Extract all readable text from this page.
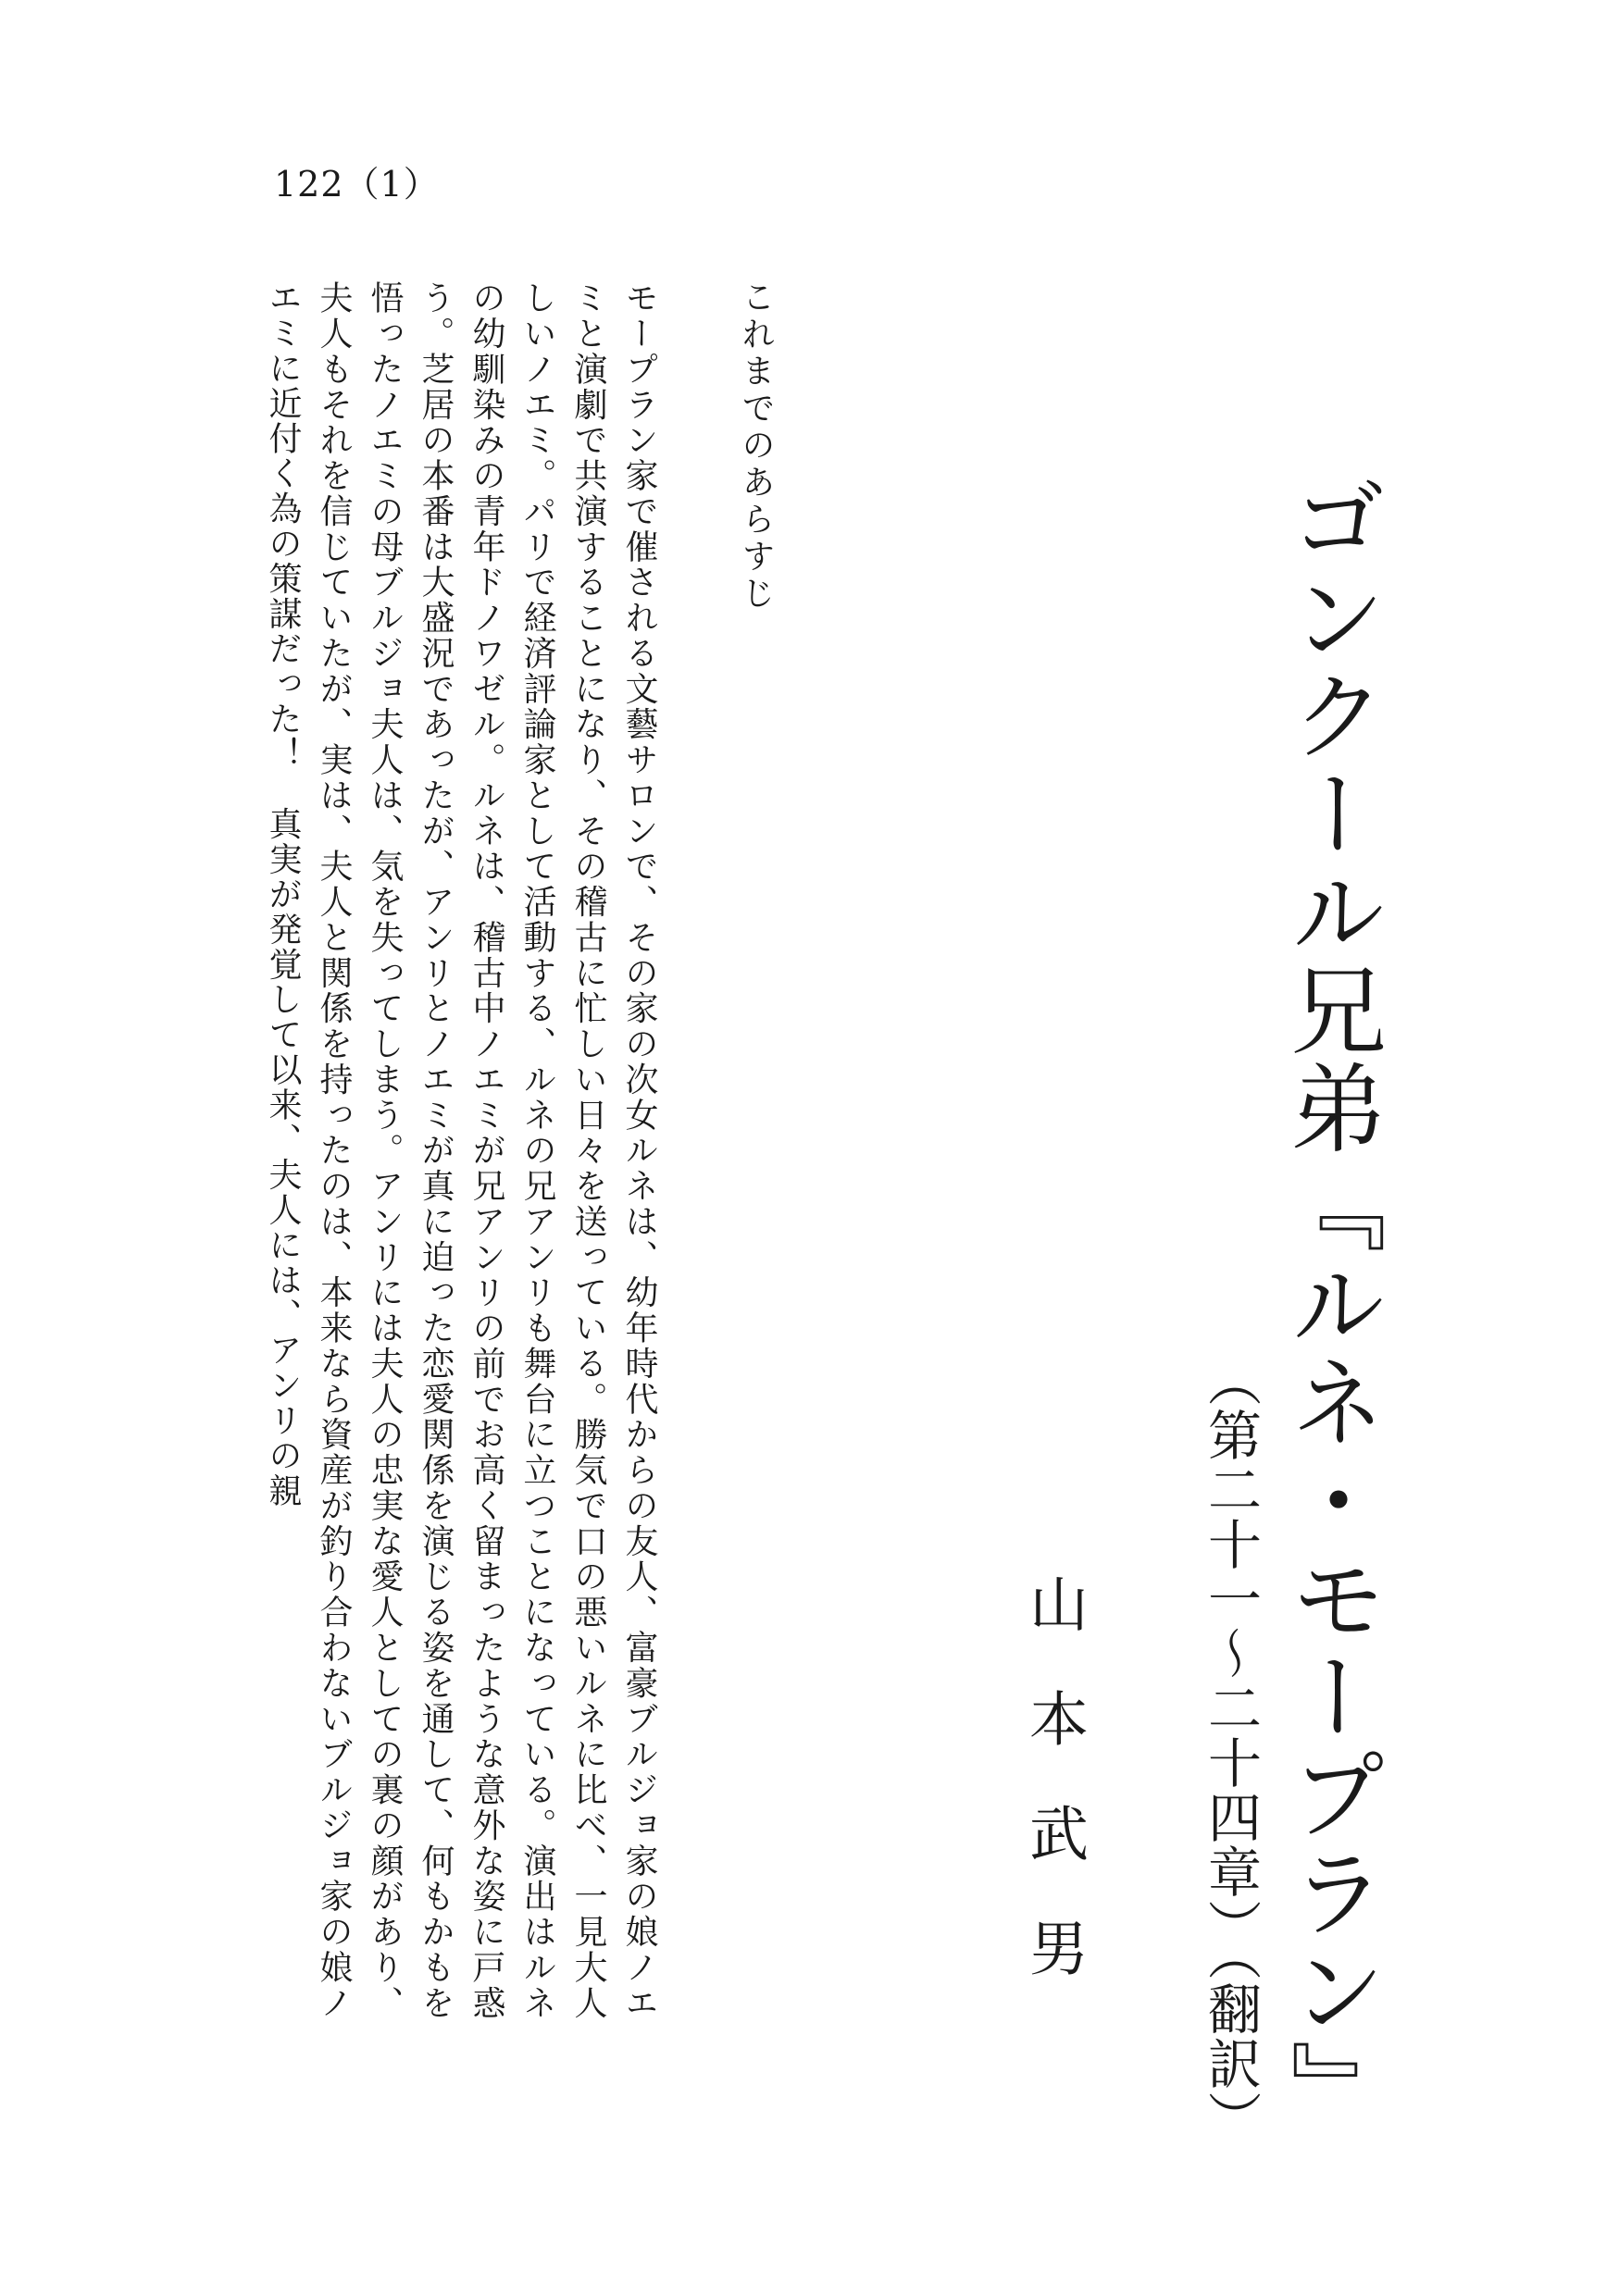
122（1）
ゴンクール兄弟『ルネ・モープラン』
（第二十一～二十四章）（翻訳）
山本武男
これまでのあらすじ

モープラン家で催される文藝サロンで、その家の次女ルネは、幼年時代からの友人、富豪ブルジョ家の娘ノエミと演劇で共演することになり、その稽古に忙しい日々を送っている。勝気で口の悪いルネに比べ、一見大人しいノエミ。パリで経済評論家として活動する、ルネの兄アンリも舞台に立つことになっている。演出はルネの幼馴染みの青年ドノワゼル。ルネは、稽古中ノエミが兄アンリの前でお高く留まったような意外な姿に戸惑う。芝居の本番は大盛況であったが、アンリとノエミが真に迫った恋愛関係を演じる姿を通して、何もかもを悟ったノエミの母ブルジョ夫人は、気を失ってしまう。アンリには夫人の忠実な愛人としての裏の顔があり、夫人もそれを信じていたが、実は、夫人と関係を持ったのは、本来なら資産が釣り合わないブルジョ家の娘ノエミに近付く為の策謀だった！　真実が発覚して以来、夫人には、アンリの親
